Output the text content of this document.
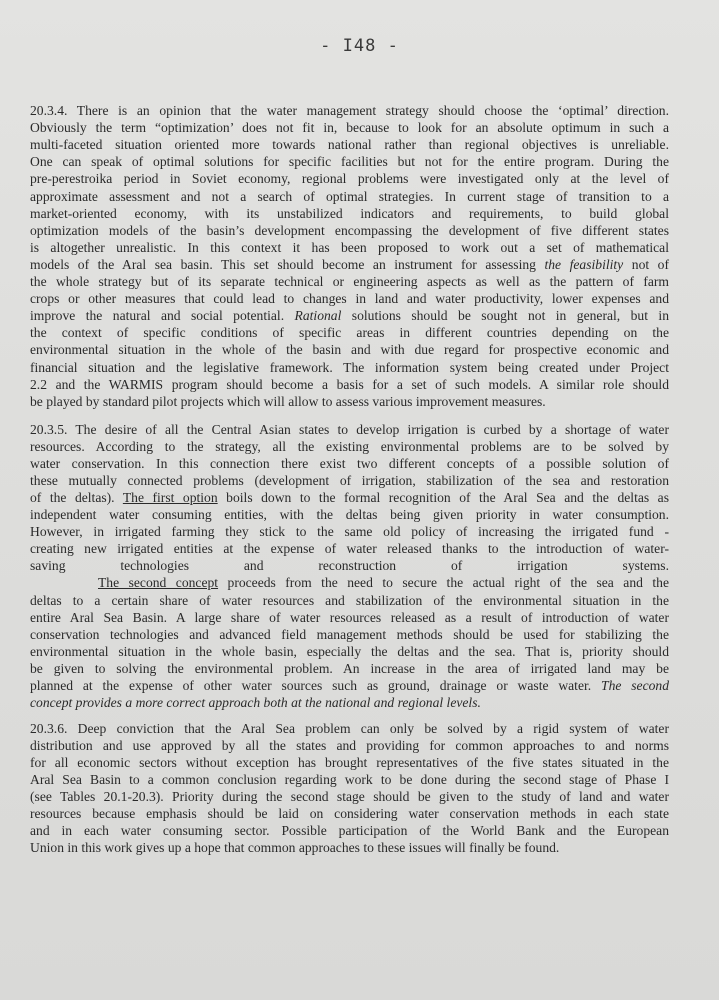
- I48 -
20.3.4. There is an opinion that the water management strategy should choose the ‘optimal’ direction.
Obviously the term “optimization’ does not fit in, because to look for an absolute optimum in such a
multi-faceted situation oriented more towards national rather than regional objectives is unreliable.
One can speak of optimal solutions for specific facilities but not for the entire program. During the
pre-perestroika period in Soviet economy, regional problems were investigated only at the level of
approximate assessment and not a search of optimal strategies. In current stage of transition to a
market-oriented economy, with its unstabilized indicators and requirements, to build global
optimization models of the basin’s development encompassing the development of five different states
is altogether unrealistic. In this context it has been proposed to work out a set of mathematical
models of the Aral sea basin. This set should become an instrument for assessing the feasibility not of
the whole strategy but of its separate technical or engineering aspects as well as the pattern of farm
crops or other measures that could lead to changes in land and water productivity, lower expenses and
improve the natural and social potential. Rational solutions should be sought not in general, but in
the context of specific conditions of specific areas in different countries depending on the
environmental situation in the whole of the basin and with due regard for prospective economic and
financial situation and the legislative framework. The information system being created under Project
2.2 and the WARMIS program should become a basis for a set of such models. A similar role should
be played by standard pilot projects which will allow to assess various improvement measures.
20.3.5. The desire of all the Central Asian states to develop irrigation is curbed by a shortage of water
resources. According to the strategy, all the existing environmental problems are to be solved by
water conservation. In this connection there exist two different concepts of a possible solution of
these mutually connected problems (development of irrigation, stabilization of the sea and restoration
of the deltas). The first option boils down to the formal recognition of the Aral Sea and the deltas as
independent water consuming entities, with the deltas being given priority in water consumption.
However, in irrigated farming they stick to the same old policy of increasing the irrigated fund -
creating new irrigated entities at the expense of water released thanks to the introduction of water-
saving technologies and reconstruction of irrigation systems.
The second concept proceeds from the need to secure the actual right of the sea and the
deltas to a certain share of water resources and stabilization of the environmental situation in the
entire Aral Sea Basin. A large share of water resources released as a result of introduction of water
conservation technologies and advanced field management methods should be used for stabilizing the
environmental situation in the whole basin, especially the deltas and the sea. That is, priority should
be given to solving the environmental problem. An increase in the area of irrigated land may be
planned at the expense of other water sources such as ground, drainage or waste water. The second
concept provides a more correct approach both at the national and regional levels.
20.3.6. Deep conviction that the Aral Sea problem can only be solved by a rigid system of water
distribution and use approved by all the states and providing for common approaches to and norms
for all economic sectors without exception has brought representatives of the five states situated in the
Aral Sea Basin to a common conclusion regarding work to be done during the second stage of Phase I
(see Tables 20.1-20.3). Priority during the second stage should be given to the study of land and water
resources because emphasis should be laid on considering water conservation methods in each state
and in each water consuming sector. Possible participation of the World Bank and the European
Union in this work gives up a hope that common approaches to these issues will finally be found.
